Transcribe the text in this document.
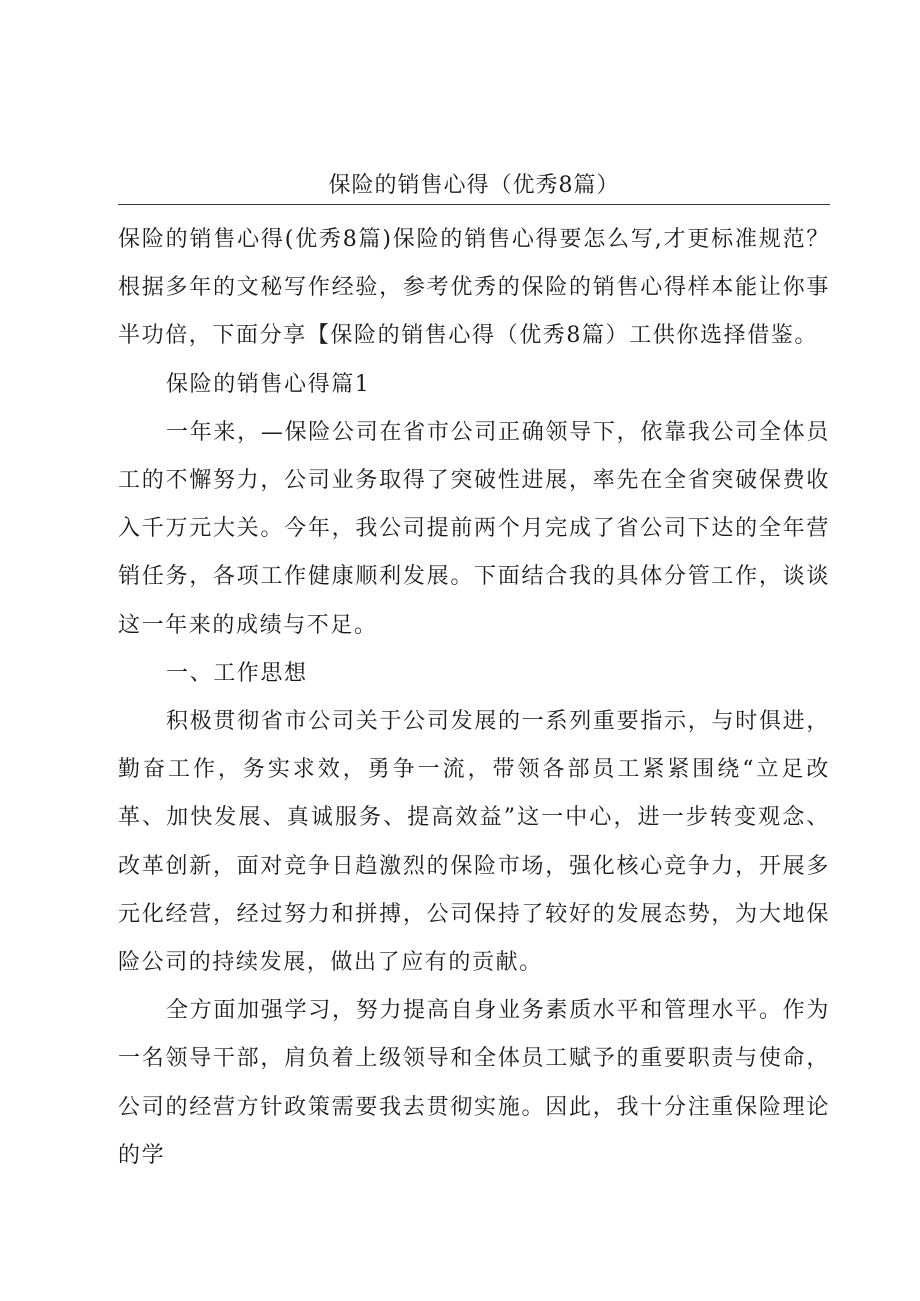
保险的销售心得（优秀8篇）

保险的销售心得(优秀8篇)保险的销售心得要怎么写,才更标准规范？根据多年的文秘写作经验，参考优秀的保险的销售心得样本能让你事半功倍，下面分享【保险的销售心得（优秀8篇）工供你选择借鉴。

保险的销售心得篇1

一年来，—保险公司在省市公司正确领导下，依靠我公司全体员工的不懈努力，公司业务取得了突破性进展，率先在全省突破保费收入千万元大关。今年，我公司提前两个月完成了省公司下达的全年营销任务，各项工作健康顺利发展。下面结合我的具体分管工作，谈谈这一年来的成绩与不足。

一、工作思想

积极贯彻省市公司关于公司发展的一系列重要指示，与时俱进，勤奋工作，务实求效，勇争一流，带领各部员工紧紧围绕“立足改革、加快发展、真诚服务、提高效益”这一中心，进一步转变观念、改革创新，面对竞争日趋激烈的保险市场，强化核心竞争力，开展多元化经营，经过努力和拼搏，公司保持了较好的发展态势，为大地保险公司的持续发展，做出了应有的贡献。

全方面加强学习，努力提高自身业务素质水平和管理水平。作为一名领导干部，肩负着上级领导和全体员工赋予的重要职责与使命，公司的经营方针政策需要我去贯彻实施。因此，我十分注重保险理论的学
